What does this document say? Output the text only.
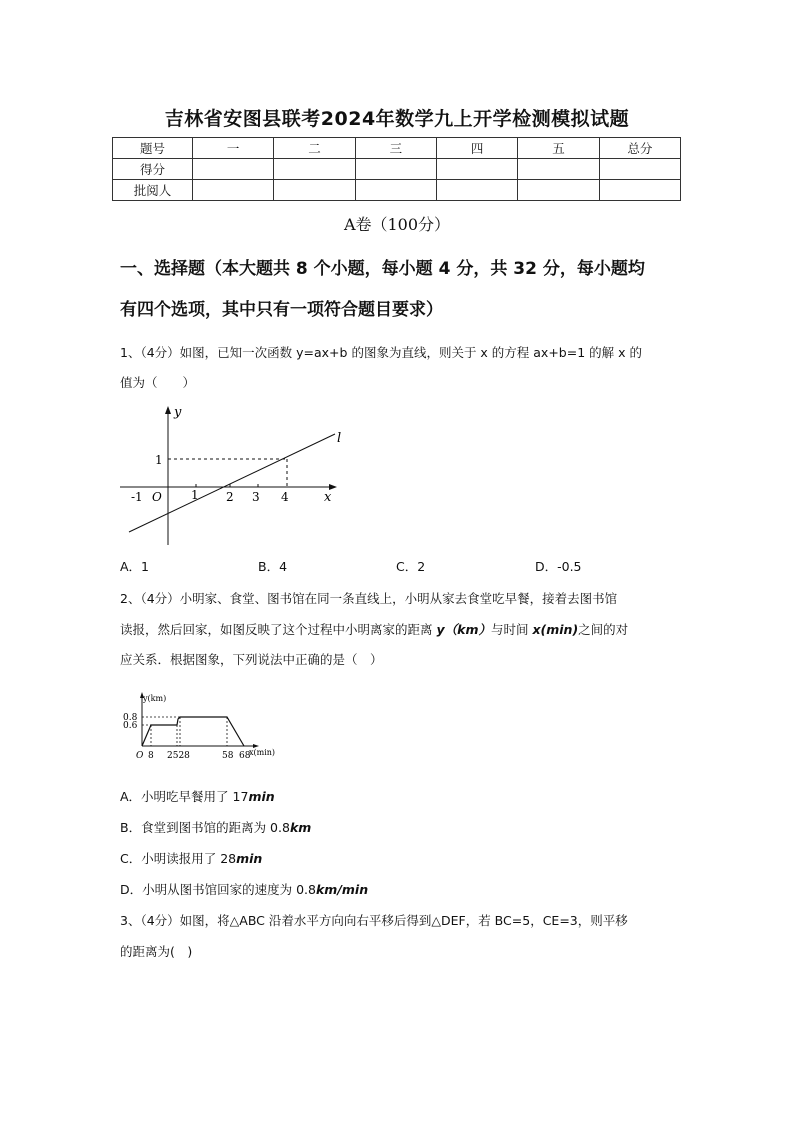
吉林省安图县联考2024年数学九上开学检测模拟试题
题号	一	二	三	四	五	总分
得分						
批阅人						
A卷（100分）
一、选择题（本大题共 8 个小题，每小题 4 分，共 32 分，每小题均
有四个选项，其中只有一项符合题目要求）
1、（4分）如图，已知一次函数 y=ax+b 的图象为直线，则关于 x 的方程 ax+b=1 的解 x 的
值为（　　）
y
x
l
O
1
-1	1 2 3 4
A．1	B．4	C．2	D．-0.5
2、（4分）小明家、食堂、图书馆在同一条直线上，小明从家去食堂吃早餐，接着去图书馆
读报，然后回家，如图反映了这个过程中小明离家的距离 y（km）与时间 x(min)之间的对
应关系．根据图象，下列说法中正确的是（　）
y(km)
x(min)
0.8
0.6
O 8 2528	58 68
A．小明吃早餐用了 17min
B．食堂到图书馆的距离为 0.8km
C．小明读报用了 28min
D．小明从图书馆回家的速度为 0.8km/min
3、（4分）如图，将△ABC 沿着水平方向向右平移后得到△DEF，若 BC=5，CE=3，则平移
的距离为(　)
